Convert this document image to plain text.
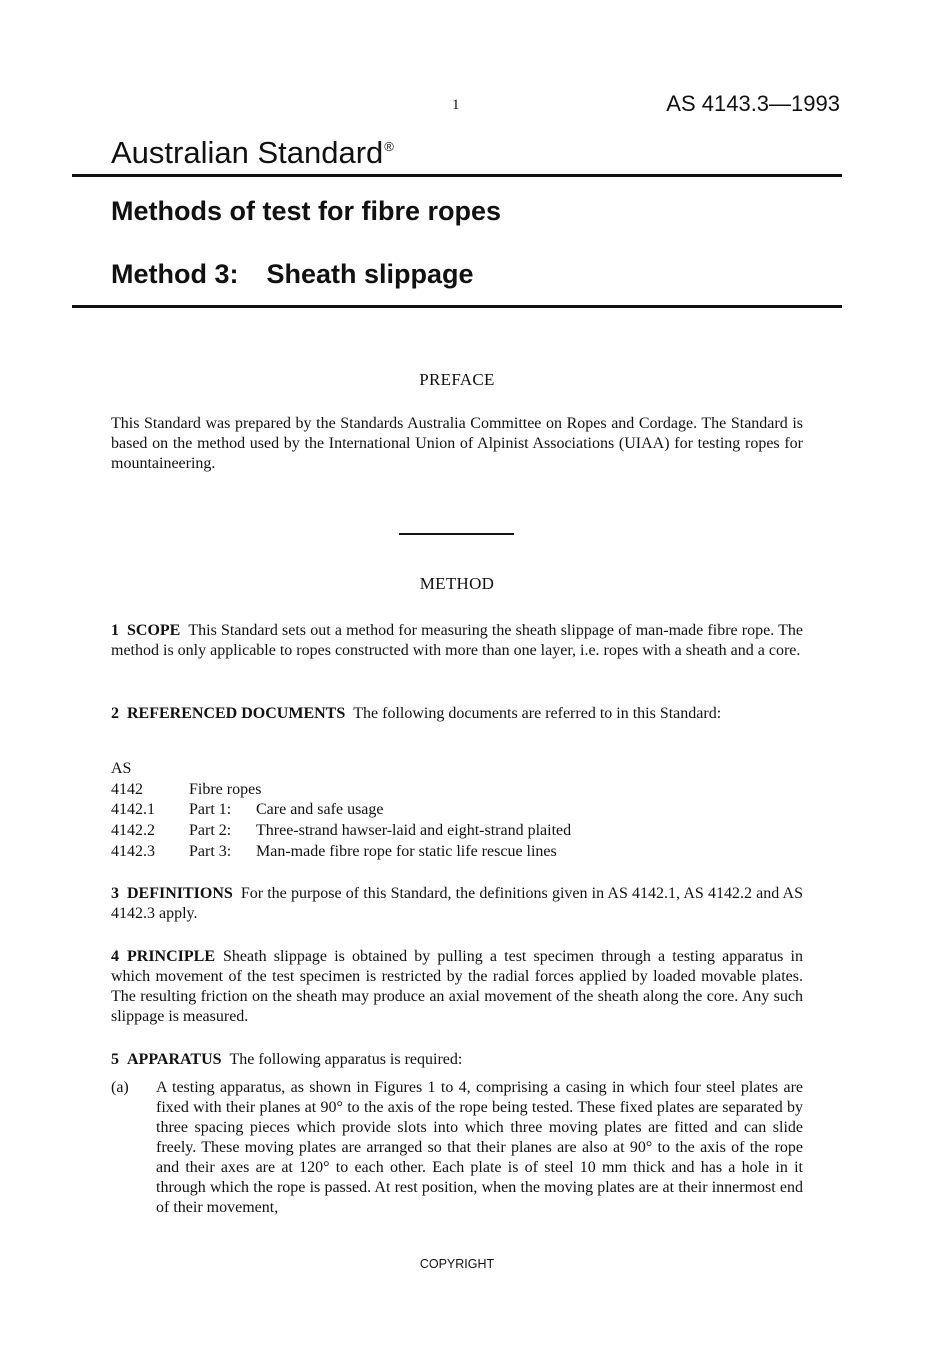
1	AS 4143.3—1993
Australian Standard®
Methods of test for fibre ropes
Method 3: Sheath slippage
PREFACE
This Standard was prepared by the Standards Australia Committee on Ropes and Cordage. The Standard is based on the method used by the International Union of Alpinist Associations (UIAA) for testing ropes for mountaineering.
METHOD
1 SCOPE This Standard sets out a method for measuring the sheath slippage of man-made fibre rope. The method is only applicable to ropes constructed with more than one layer, i.e. ropes with a sheath and a core.
2 REFERENCED DOCUMENTS The following documents are referred to in this Standard:
AS
4142	Fibre ropes
4142.1	Part 1:	Care and safe usage
4142.2	Part 2:	Three-strand hawser-laid and eight-strand plaited
4142.3	Part 3:	Man-made fibre rope for static life rescue lines
3 DEFINITIONS For the purpose of this Standard, the definitions given in AS 4142.1, AS 4142.2 and AS 4142.3 apply.
4 PRINCIPLE Sheath slippage is obtained by pulling a test specimen through a testing apparatus in which movement of the test specimen is restricted by the radial forces applied by loaded movable plates. The resulting friction on the sheath may produce an axial movement of the sheath along the core. Any such slippage is measured.
5 APPARATUS The following apparatus is required:
(a)	A testing apparatus, as shown in Figures 1 to 4, comprising a casing in which four steel plates are fixed with their planes at 90° to the axis of the rope being tested. These fixed plates are separated by three spacing pieces which provide slots into which three moving plates are fitted and can slide freely. These moving plates are arranged so that their planes are also at 90° to the axis of the rope and their axes are at 120° to each other. Each plate is of steel 10 mm thick and has a hole in it through which the rope is passed. At rest position, when the moving plates are at their innermost end of their movement,
COPYRIGHT
